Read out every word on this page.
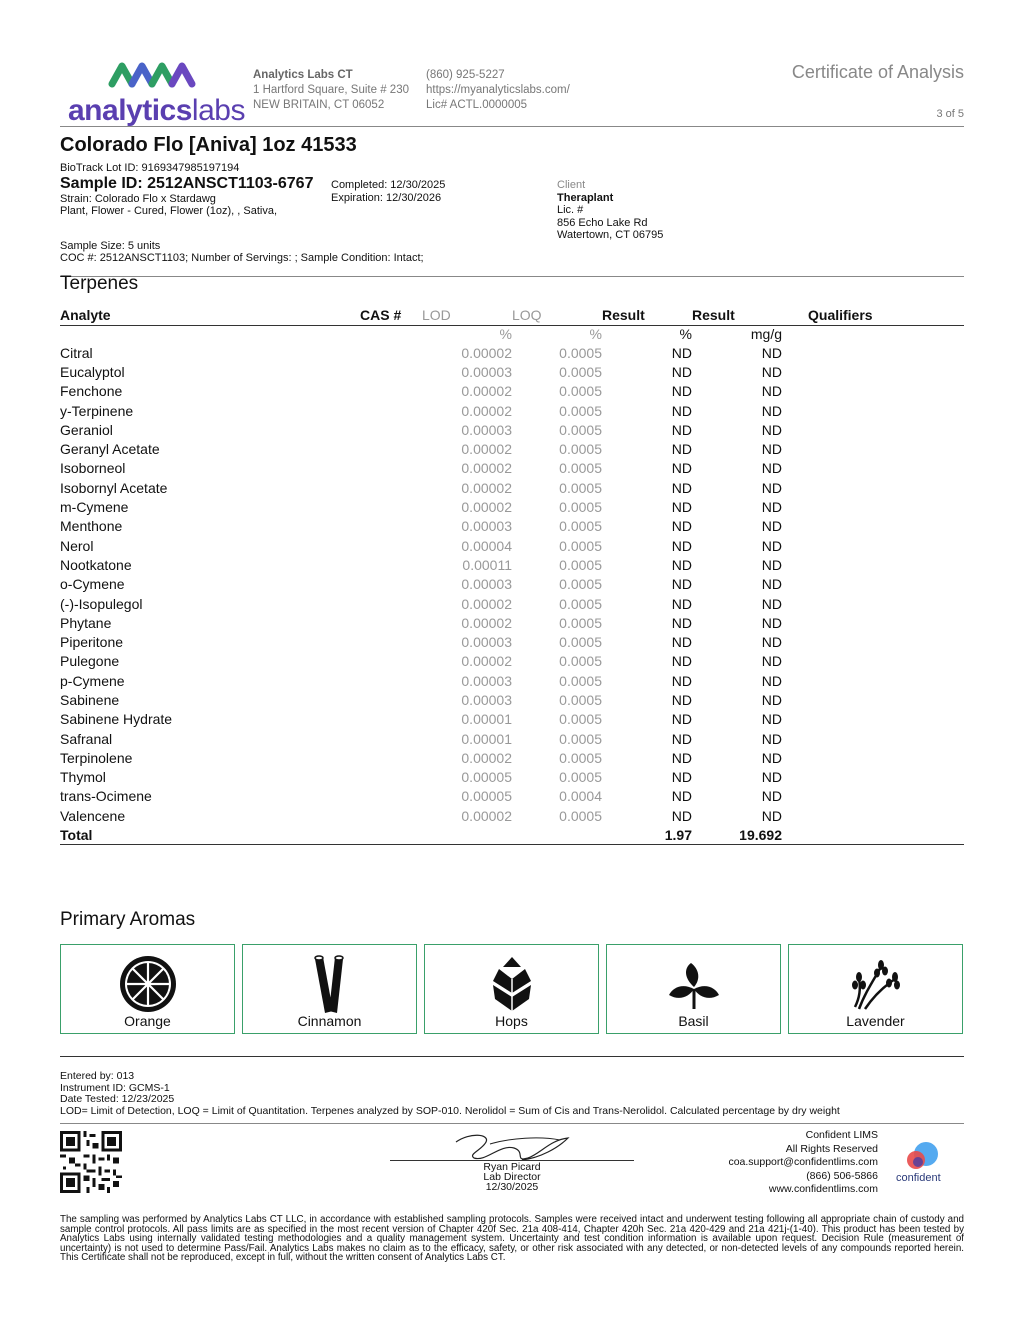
analyticslabs
Analytics Labs CT
1 Hartford Square, Suite # 230
NEW BRITAIN, CT 06052
(860) 925-5227
https://myanalyticslabs.com/
Lic# ACTL.0000005
Certificate of Analysis
3 of 5
Colorado Flo [Aniva] 1oz 41533
BioTrack Lot ID: 9169347985197194
Sample ID: 2512ANSCT1103-6767
Strain: Colorado Flo x Stardawg
Plant, Flower - Cured, Flower (1oz), , Sativa,
Completed: 12/30/2025
Expiration: 12/30/2026
Client
Theraplant
Lic. #
856 Echo Lake Rd
Watertown, CT 06795
Sample Size: 5 units
COC #: 2512ANSCT1103; Number of Servings: ; Sample Condition: Intact;
Terpenes
Analyte	CAS #	LOD	LOQ	Result	Result	Qualifiers
		%	%	%	mg/g	
Citral		0.00002	0.0005	ND	ND	
Eucalyptol		0.00003	0.0005	ND	ND	
Fenchone		0.00002	0.0005	ND	ND	
y-Terpinene		0.00002	0.0005	ND	ND	
Geraniol		0.00003	0.0005	ND	ND	
Geranyl Acetate		0.00002	0.0005	ND	ND	
Isoborneol		0.00002	0.0005	ND	ND	
Isobornyl Acetate		0.00002	0.0005	ND	ND	
m-Cymene		0.00002	0.0005	ND	ND	
Menthone		0.00003	0.0005	ND	ND	
Nerol		0.00004	0.0005	ND	ND	
Nootkatone		0.00011	0.0005	ND	ND	
o-Cymene		0.00003	0.0005	ND	ND	
(-)-Isopulegol		0.00002	0.0005	ND	ND	
Phytane		0.00002	0.0005	ND	ND	
Piperitone		0.00003	0.0005	ND	ND	
Pulegone		0.00002	0.0005	ND	ND	
p-Cymene		0.00003	0.0005	ND	ND	
Sabinene		0.00003	0.0005	ND	ND	
Sabinene Hydrate		0.00001	0.0005	ND	ND	
Safranal		0.00001	0.0005	ND	ND	
Terpinolene		0.00002	0.0005	ND	ND	
Thymol		0.00005	0.0005	ND	ND	
trans-Ocimene		0.00005	0.0004	ND	ND	
Valencene		0.00002	0.0005	ND	ND	
Total				1.97	19.692	
Primary Aromas
Orange	Cinnamon	Hops	Basil	Lavender
Entered by: 013
Instrument ID: GCMS-1
Date Tested: 12/23/2025
LOD= Limit of Detection, LOQ = Limit of Quantitation. Terpenes analyzed by SOP-010. Nerolidol = Sum of Cis and Trans-Nerolidol. Calculated percentage by dry weight
Ryan Picard
Lab Director
12/30/2025
Confident LIMS
All Rights Reserved
coa.support@confidentlims.com
(866) 506-5866
www.confidentlims.com
confident
The sampling was performed by Analytics Labs CT LLC, in accordance with established sampling protocols. Samples were received intact and underwent testing following all appropriate chain of custody and sample control protocols. All pass limits are as specified in the most recent version of Chapter 420f Sec. 21a 408-414, Chapter 420h Sec. 21a 420-429 and 21a 421j-(1-40). This product has been tested by Analytics Labs using internally validated testing methodologies and a quality management system. Uncertainty and test condition information is available upon request. Decision Rule (measurement of uncertainty) is not used to determine Pass/Fail. Analytics Labs makes no claim as to the efficacy, safety, or other risk associated with any detected, or non-detected levels of any compounds reported herein. This Certificate shall not be reproduced, except in full, without the written consent of Analytics Labs CT.
